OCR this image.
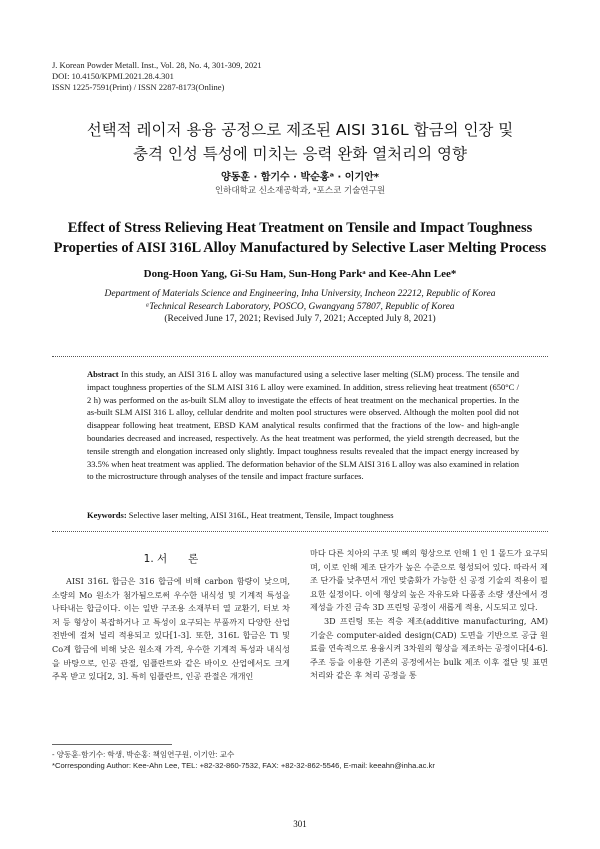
J. Korean Powder Metall. Inst., Vol. 28, No. 4, 301-309, 2021
DOI: 10.4150/KPMI.2021.28.4.301
ISSN 1225-7591(Print) / ISSN 2287-8173(Online)
선택적 레이저 용융 공정으로 제조된 AISI 316L 합금의 인장 및
충격 인성 특성에 미치는 응력 완화 열처리의 영향
양동훈 · 함기수 · 박순홍ᵃ · 이기안*
인하대학교 신소재공학과, ᵃ포스코 기술연구원
Effect of Stress Relieving Heat Treatment on Tensile and Impact Toughness
Properties of AISI 316L Alloy Manufactured by Selective Laser Melting Process
Dong-Hoon Yang, Gi-Su Ham, Sun-Hong Parkᵃ and Kee-Ahn Lee*
Department of Materials Science and Engineering, Inha University, Incheon 22212, Republic of Korea
ᵃTechnical Research Laboratory, POSCO, Gwangyang 57807, Republic of Korea
(Received June 17, 2021; Revised July 7, 2021; Accepted July 8, 2021)
Abstract In this study, an AISI 316 L alloy was manufactured using a selective laser melting (SLM) process. The tensile and impact toughness properties of the SLM AISI 316 L alloy were examined. In addition, stress relieving heat treatment (650°C / 2 h) was performed on the as-built SLM alloy to investigate the effects of heat treatment on the mechanical properties. In the as-built SLM AISI 316 L alloy, cellular dendrite and molten pool structures were observed. Although the molten pool did not disappear following heat treatment, EBSD KAM analytical results confirmed that the fractions of the low- and high-angle boundaries decreased and increased, respectively. As the heat treatment was performed, the yield strength decreased, but the tensile strength and elongation increased only slightly. Impact toughness results revealed that the impact energy increased by 33.5% when heat treatment was applied. The deformation behavior of the SLM AISI 316 L alloy was also examined in relation to the microstructure through analyses of the tensile and impact fracture surfaces.
Keywords: Selective laser melting, AISI 316L, Heat treatment, Tensile, Impact toughness
1. 서　　론

AISI 316L 합금은 316 합금에 비해 carbon 함량이 낮으며, 소량의 Mo 원소가 첨가됨으로써 우수한 내식성 및 기계적 특성을 나타내는 합금이다. 이는 일반 구조용 소재부터 열 교환기, 터보 차저 등 형상이 복잡하거나 고 특성이 요구되는 부품까지 다양한 산업 전반에 걸쳐 널리 적용되고 있다[1-3]. 또한, 316L 합금은 Ti 및 Co계 합금에 비해 낮은 원소재 가격, 우수한 기계적 특성과 내식성을 바탕으로, 인공 관절, 임플란트와 같은 바이오 산업에서도 크게 주목 받고 있다[2, 3]. 특히 임플란트, 인공 관절은 개개인

마다 다른 치아의 구조 및 뼈의 형상으로 인해 1 인 1 몰드가 요구되며, 이로 인해 제조 단가가 높은 수준으로 형성되어 있다. 따라서 제조 단가를 낮추면서 개인 맞춤화가 가능한 신 공정 기술의 적용이 필요한 실정이다. 이에 형상의 높은 자유도와 다품종 소량 생산에서 경제성을 가진 금속 3D 프린팅 공정이 새롭게 적용, 시도되고 있다.

3D 프린팅 또는 적층 제조(additive manufacturing, AM) 기술은 computer-aided design(CAD) 도면을 기반으로 공급 원료를 연속적으로 용융시켜 3차원의 형상을 제조하는 공정이다[4-6]. 주조 등을 이용한 기존의 공정에서는 bulk 제조 이후 절단 및 표면 처리와 같은 후 처리 공정을 통

- 양동훈·함기수: 학생, 박순홍: 책임연구원, 이기안: 교수
*Corresponding Author: Kee-Ahn Lee, TEL: +82-32-860-7532, FAX: +82-32-862-5546, E-mail: keeahn@inha.ac.kr
301
